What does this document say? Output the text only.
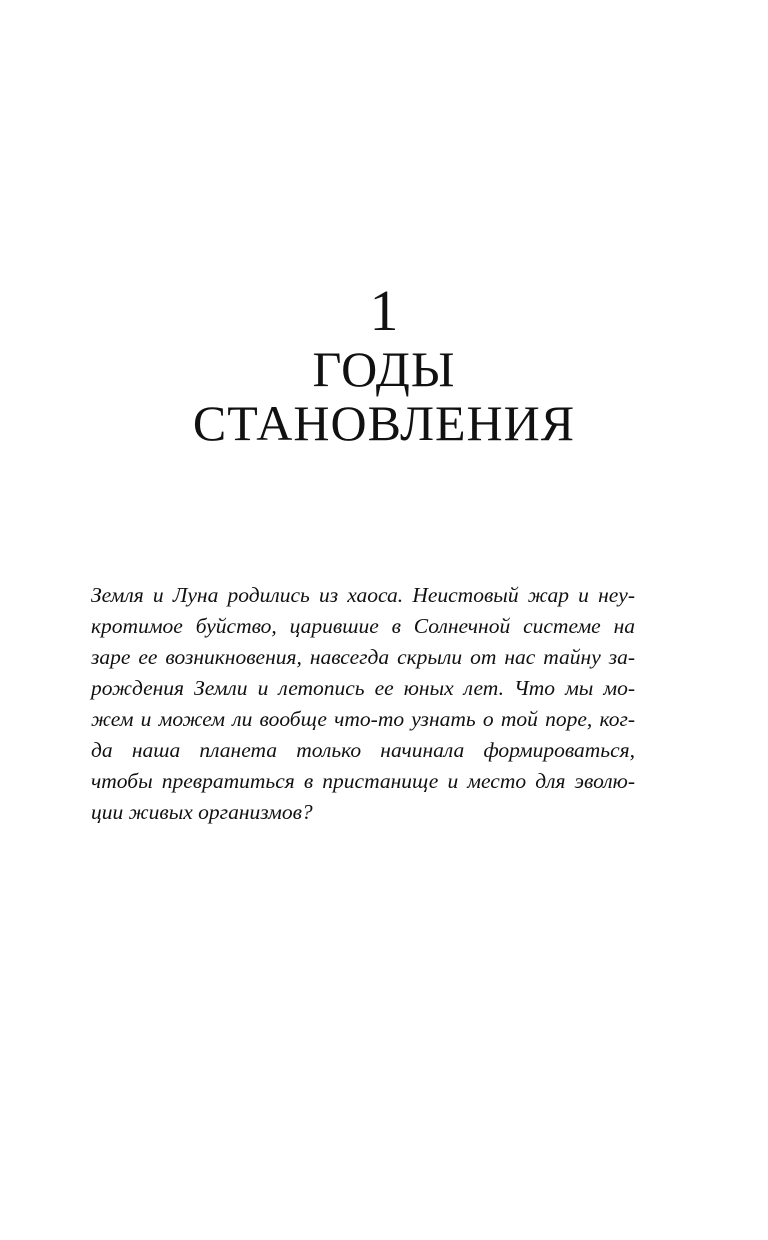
1
ГОДЫ
СТАНОВЛЕНИЯ
Земля и Луна родились из хаоса. Неистовый жар и неу-
кротимое буйство, царившие в Солнечной системе на
заре ее возникновения, навсегда скрыли от нас тайну за-
рождения Земли и летопись ее юных лет. Что мы мо-
жем и можем ли вообще что-то узнать о той поре, ког-
да наша планета только начинала формироваться,
чтобы превратиться в пристанище и место для эволю-
ции живых организмов?
